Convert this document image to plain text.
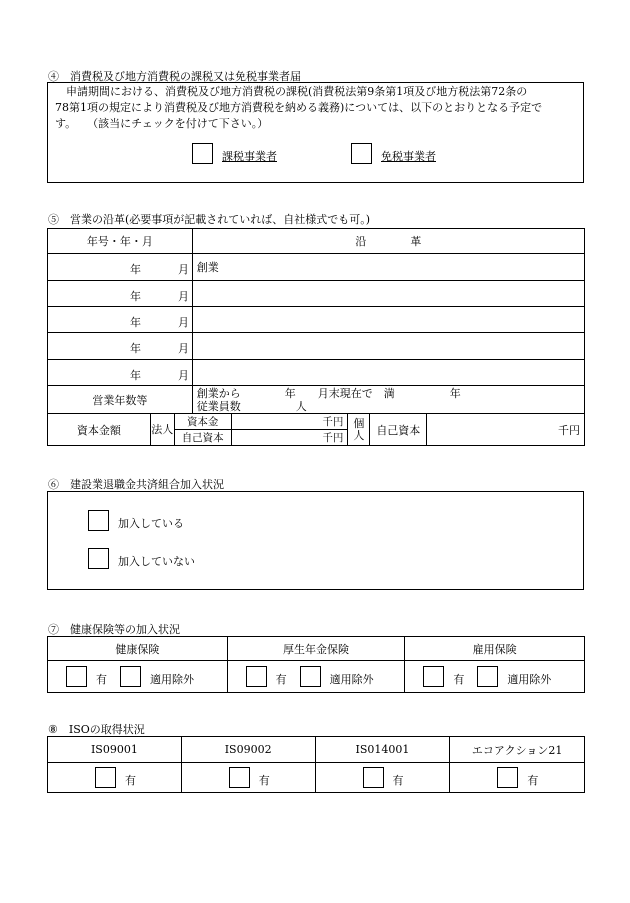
④　消費税及び地方消費税の課税又は免税事業者届
　申請期間における、消費税及び地方消費税の課税(消費税法第9条第1項及び地方税法第72条の
78第1項の規定により消費税及び地方消費税を納める義務)については、以下のとおりとなる予定で
す。　　（該当にチェックを付けて下さい。）
課税事業者	免税事業者
⑤　営業の沿革(必要事項が記載されていれば、自社様式でも可。)
年号・年・月	沿　　　　革

年 月	創業

年 月	

年 月	

年 月	

年 月	

営業年数等	
創業から　　　　年　　月末現在で　満　　　　　年
従業員数　　　　　人
資本金額	法人	資本金	千円	個人	自己資本	千円
		自己資本	千円			
⑥　建設業退職金共済組合加入状況
加入している
加入していない
⑦　健康保険等の加入状況
健康保険	厚生年金保険	雇用保険

有 適用除外	有 適用除外	有 適用除外
⑧　ISOの取得状況
IS09001	IS09002	IS014001	エコアクション21

有	有	有	有
